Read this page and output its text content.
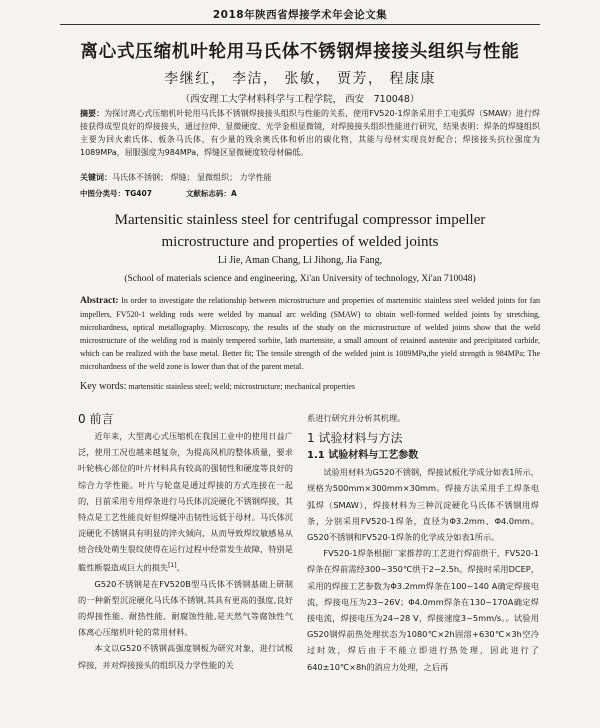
2018年陕西省焊接学术年会论文集
离心式压缩机叶轮用马氏体不锈钢焊接接头组织与性能
李继红， 李洁， 张敏， 贾芳， 程康康
（西安理工大学材料科学与工程学院， 西安　710048）
摘要：为探讨离心式压缩机叶轮用马氏体不锈钢焊接接头组织与性能的关系，使用FV520-1焊条采用手工电弧焊（SMAW）进行焊接获得成型良好的焊接接头，通过拉伸、显微硬度、光学金相显微镜，对焊接接头组织性能进行研究，结果表明：焊条的焊缝组织主要为回火索氏体、板条马氏体，有少量的残余奥氏体和析出的碳化物，其能与母材实现良好配合；焊接接头抗拉强度为1089MPa，屈服强度为984MPa，焊缝区显微硬度较母材偏低。
关键词：马氏体不锈钢； 焊缝； 显微组织； 力学性能
中图分类号：TG407	文献标志码：A
Martensitic stainless steel for centrifugal compressor impeller
microstructure and properties of welded joints
Li Jie, Aman Chang, Li Jihong, Jia Fang,
(School of materials science and engineering, Xi'an University of technology, Xi'an 710048)
Abstract: In order to investigate the relationship between microstructure and properties of martensitic stainless steel welded joints for fan impellers, FV520-1 welding rods were welded by manual arc welding (SMAW) to obtain well-formed welded joints by stretching, microhardness, optical metallography. Microscopy, the results of the study on the microstructure of welded joints show that the weld microstructure of the welding rod is mainly tempered sorbite, lath martensite, a small amount of retained austenite and precipitated carbide, which can be realized with the base metal. Better fit; The tensile strength of the welded joint is 1089MPa,the yield strength is 984MPa; The microhardness of the weld zone is lower than that of the parent metal.
Key words: martensitic stainless steel; weld; microstructure; mechanical properties

0 前言

近年来，大型离心式压缩机在我国工业中的使用日益广泛，使用工况也越来越复杂，为提高风机的整体质量，要求叶轮核心部位的叶片材料具有较高的强韧性和硬度等良好的综合力学性能。叶片与轮盘是通过焊接的方式连接在一起的，目前采用专用焊条进行马氏体沉淀硬化不锈钢焊接，其特点是工艺性能良好但焊缝冲击韧性远低于母材。马氏体沉淀硬化不锈钢具有明显的淬火倾向，从而导致焊纹敏感易从焙合线处萌生裂纹使得在运行过程中经常发生故障，特别是脆性断裂造成巨大的损失[1]。

G520不锈钢是在FV520B型马氏体不锈钢基础上研制的一种新型沉淀硬化马氏体不锈钢,其具有更高的强度,良好的焊接性能、耐热性能、耐腐蚀性能,是天然气等腐蚀性气体离心压缩机叶轮的常用材料。

本文以G520不锈钢高强度钢板为研究对象，进行试板焊接，并对焊接接头的组织及力学性能的关

系进行研究并分析其机理。

1 试验材料与方法

1.1 试验材料与工艺参数

试验用材料为G520不锈钢，焊接试板化学成分如表1所示，规格为500mm×300mm×30mm。焊接方法采用手工焊条电弧焊（SMAW），焊接材料为三种沉淀硬化马氏体不锈钢用焊条，分别采用FV520-1焊条，直径为Φ3.2mm、Φ4.0mm。G520不锈钢和FV520-1焊条的化学成分如表1所示。

FV520-1焊条根据厂家推荐的工艺进行焊前烘干，FV520-1焊条在焊前需经300~350℃烘干2~2.5h。焊接时采用DCEP，采用的焊接工艺参数为Φ3.2mm焊条在100~140 A确定焊接电流，焊接电压为23~26V；Φ4.0mm焊条在130~170A确定焊接电流，焊接电压为24~28 V，焊接速度3~5mm/s。。试验用G520钢焊前热处理状态为1080℃×2h固溶+630℃×3h空冷过时效，焊后由于不能立即进行热处理，因此进行了640±10℃×8h的消应力处理，之后再
